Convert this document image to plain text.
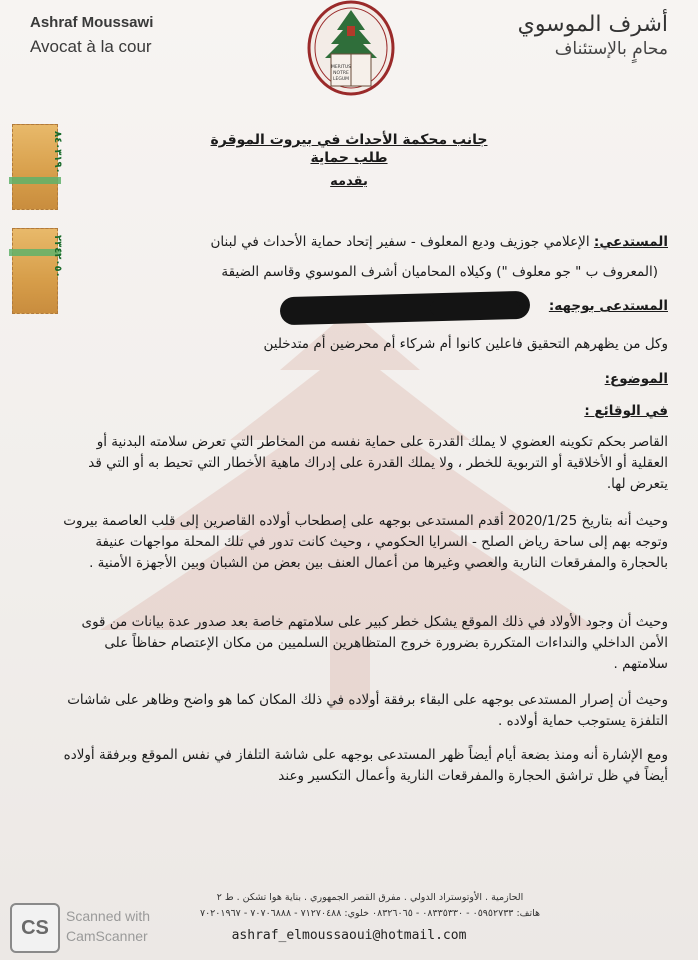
Ashraf Moussawi
Avocat à la cour
MERITUS
NOTRE
LEGUM
أشرف الموسوي
محامٍ بالإستئناف
جانب محكمة الأحداث في بيروت الموقرة
طلب حماية
يقدمه
٨٤٠٣١٩٠
٢٣٤٢٠٥٠	المستدعي: الإعلامي جوزيف وديع المعلوف - سفير إتحاد حماية الأحداث في لبنان
(المعروف ب " جو معلوف ") وكيلاه المحاميان أشرف الموسوي وقاسم الضيقة
المستدعى بوجهه:
وكل من يظهرهم التحقيق فاعلين كانوا أم شركاء أم محرضين أم متدخلين
الموضوع:
في الوقائع :
القاصر بحكم تكوينه العضوي لا يملك القدرة على حماية نفسه من المخاطر التي تعرض سلامته البدنية أو العقلية أو الأخلاقية أو التربوية للخطر ، ولا يملك القدرة على إدراك ماهية الأخطار التي تحيط به أو التي قد يتعرض لها.
وحيث أنه بتاريخ 2020/1/25 أقدم المستدعى بوجهه على إصطحاب أولاده القاصرين إلى قلب العاصمة بيروت وتوجه بهم إلى ساحة رياض الصلح - السرايا الحكومي ، وحيث كانت تدور في تلك المحلة مواجهات عنيفة بالحجارة والمفرقعات النارية والعصي وغيرها من أعمال العنف بين بعض من الشبان وبين الأجهزة الأمنية .
وحيث أن وجود الأولاد في ذلك الموقع يشكل خطر كبير على سلامتهم خاصة بعد صدور عدة بيانات من قوى الأمن الداخلي والنداءات المتكررة بضرورة خروج المتظاهرين السلميين من مكان الإعتصام حفاظاً على سلامتهم .
وحيث أن إصرار المستدعى بوجهه على البقاء برفقة أولاده في ذلك المكان كما هو واضح وظاهر على شاشات التلفزة يستوجب حماية أولاده .
ومع الإشارة أنه ومنذ بضعة أيام أيضاً ظهر المستدعى بوجهه على شاشة التلفاز في نفس الموقع وبرفقة أولاده أيضاً في ظل تراشق الحجارة والمفرقعات النارية وأعمال التكسير وعند
الحازمية . الأوتوستراد الدولي . مفرق القصر الجمهوري . بناية هوا تشكن . ط ٢
هاتف: ٠٥٩٥٢٧٣٣ - ٠٨٣٣٥٣٣٠ - ٠٨٣٢٦٠٦٥ خلوي: ٧١٢٧٠٤٨٨ - ٧٠٧٠٦٨٨٨ - ٧٠٢٠١٩٦٧
ashraf_elmoussaoui@hotmail.com
CS
Scanned with
CamScanner
